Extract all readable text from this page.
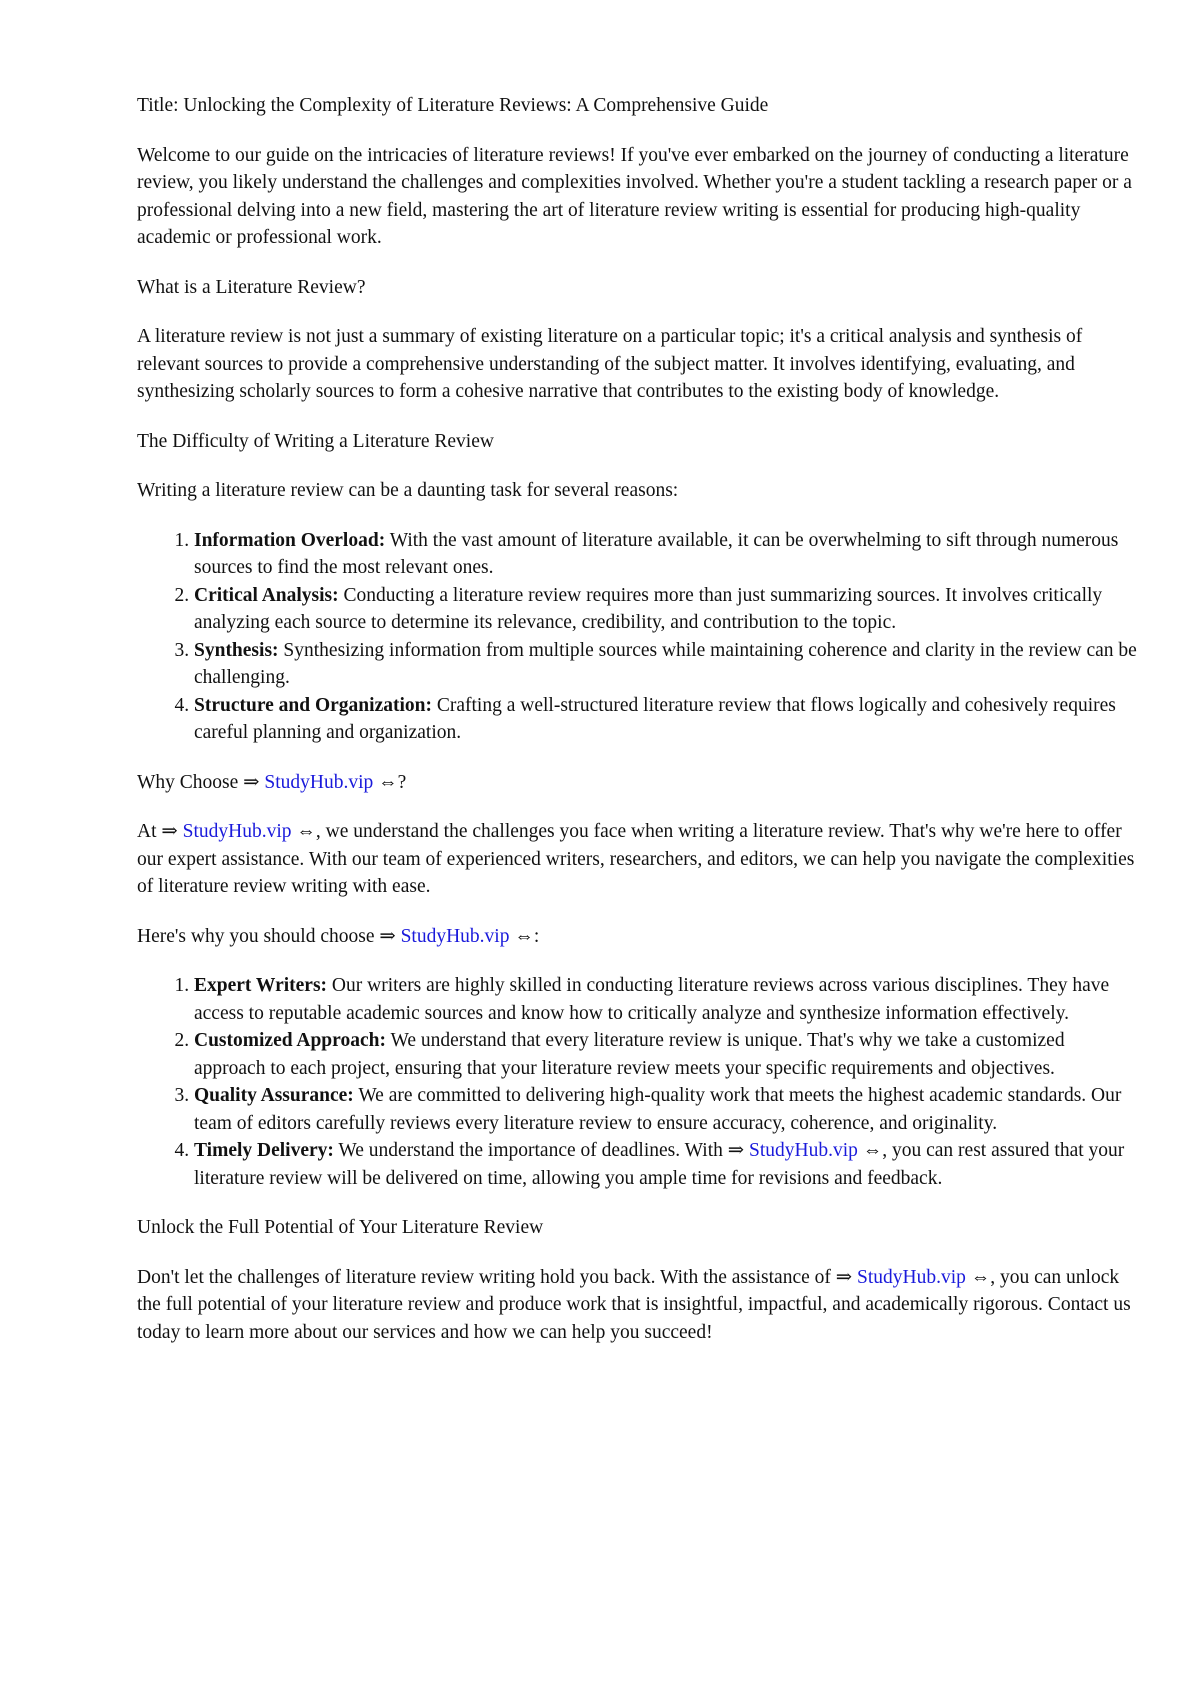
Title: Unlocking the Complexity of Literature Reviews: A Comprehensive Guide

Welcome to our guide on the intricacies of literature reviews! If you've ever embarked on the journey of conducting a literature review, you likely understand the challenges and complexities involved. Whether you're a student tackling a research paper or a professional delving into a new field, mastering the art of literature review writing is essential for producing high-quality academic or professional work.

What is a Literature Review?

A literature review is not just a summary of existing literature on a particular topic; it's a critical analysis and synthesis of relevant sources to provide a comprehensive understanding of the subject matter. It involves identifying, evaluating, and synthesizing scholarly sources to form a cohesive narrative that contributes to the existing body of knowledge.

The Difficulty of Writing a Literature Review

Writing a literature review can be a daunting task for several reasons:

1. Information Overload: With the vast amount of literature available, it can be overwhelming to sift through numerous sources to find the most relevant ones.
2. Critical Analysis: Conducting a literature review requires more than just summarizing sources. It involves critically analyzing each source to determine its relevance, credibility, and contribution to the topic.
3. Synthesis: Synthesizing information from multiple sources while maintaining coherence and clarity in the review can be challenging.
4. Structure and Organization: Crafting a well-structured literature review that flows logically and cohesively requires careful planning and organization.

Why Choose ⇒ StudyHub.vip ⇔?

At ⇒ StudyHub.vip ⇔, we understand the challenges you face when writing a literature review. That's why we're here to offer our expert assistance. With our team of experienced writers, researchers, and editors, we can help you navigate the complexities of literature review writing with ease.

Here's why you should choose ⇒ StudyHub.vip ⇔:

1. Expert Writers: Our writers are highly skilled in conducting literature reviews across various disciplines. They have access to reputable academic sources and know how to critically analyze and synthesize information effectively.
2. Customized Approach: We understand that every literature review is unique. That's why we take a customized approach to each project, ensuring that your literature review meets your specific requirements and objectives.
3. Quality Assurance: We are committed to delivering high-quality work that meets the highest academic standards. Our team of editors carefully reviews every literature review to ensure accuracy, coherence, and originality.
4. Timely Delivery: We understand the importance of deadlines. With ⇒ StudyHub.vip ⇔, you can rest assured that your literature review will be delivered on time, allowing you ample time for revisions and feedback.

Unlock the Full Potential of Your Literature Review

Don't let the challenges of literature review writing hold you back. With the assistance of ⇒ StudyHub.vip ⇔, you can unlock the full potential of your literature review and produce work that is insightful, impactful, and academically rigorous. Contact us today to learn more about our services and how we can help you succeed!
